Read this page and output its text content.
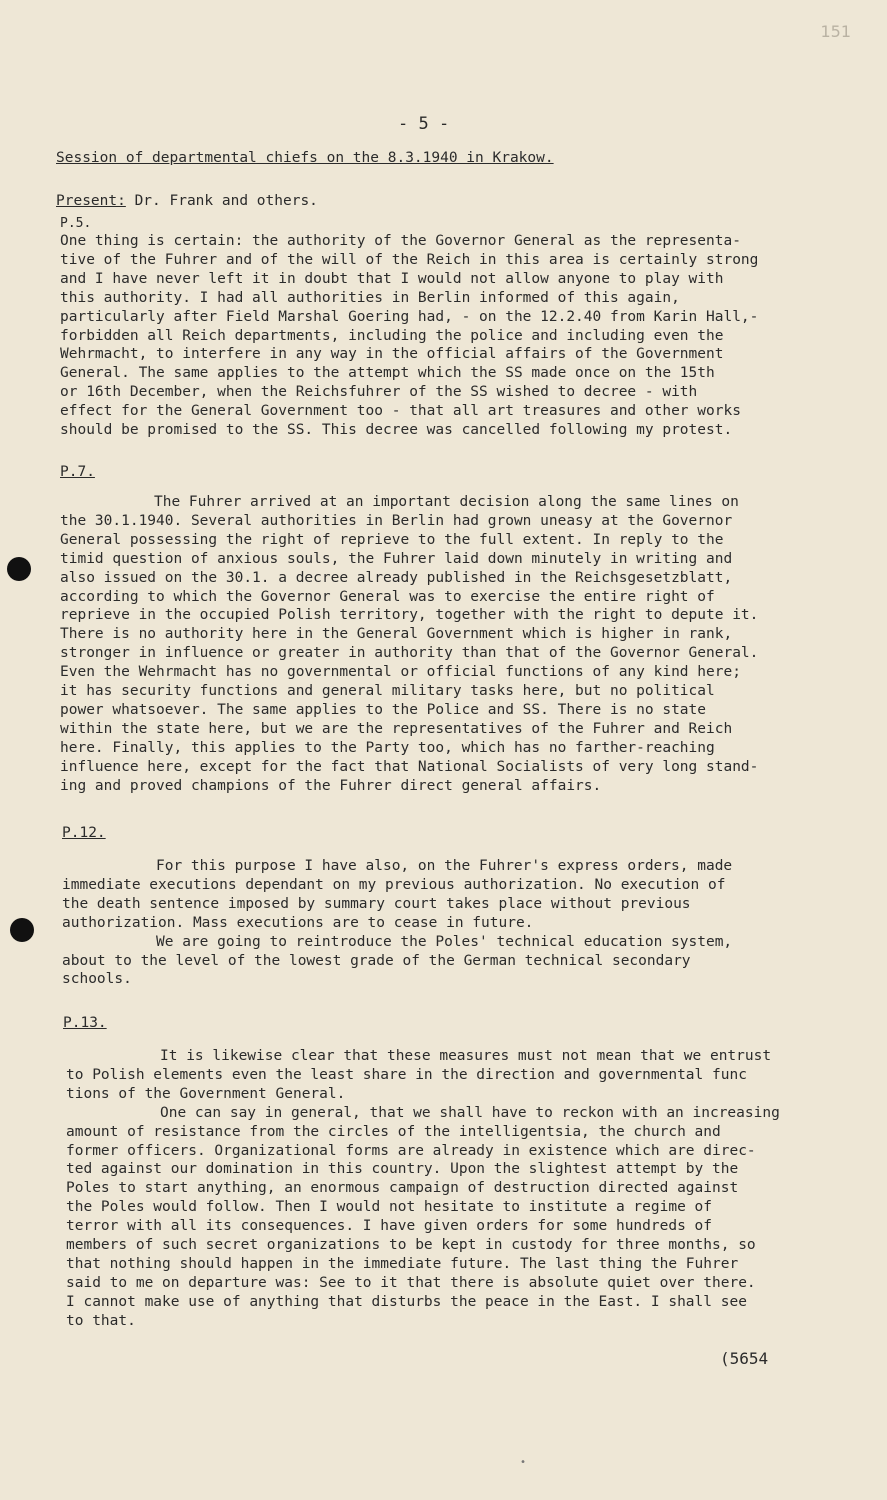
151
- 5 -
Session of departmental chiefs on the 8.3.1940 in Krakow.
Present: Dr. Frank and others.
P.5.
One thing is certain: the authority of the Governor General as the representa-
tive of the Fuhrer and of the will of the Reich in this area is certainly strong
and I have never left it in doubt that I would not allow anyone to play with
this authority. I had all authorities in Berlin informed of this again,
particularly after Field Marshal Goering had, - on the 12.2.40 from Karin Hall,-
forbidden all Reich departments, including the police and including even the
Wehrmacht, to interfere in any way in the official affairs of the Government
General. The same applies to the attempt which the SS made once on the 15th
or 16th December, when the Reichsfuhrer of the SS wished to decree - with
effect for the General Government too - that all art treasures and other works
should be promised to the SS. This decree was cancelled following my protest.
P.7.
The Fuhrer arrived at an important decision along the same lines on
the 30.1.1940. Several authorities in Berlin had grown uneasy at the Governor
General possessing the right of reprieve to the full extent. In reply to the
timid question of anxious souls, the Fuhrer laid down minutely in writing and
also issued on the 30.1. a decree already published in the Reichsgesetzblatt,
according to which the Governor General was to exercise the entire right of
reprieve in the occupied Polish territory, together with the right to depute it.
There is no authority here in the General Government which is higher in rank,
stronger in influence or greater in authority than that of the Governor General.
Even the Wehrmacht has no governmental or official functions of any kind here;
it has security functions and general military tasks here, but no political
power whatsoever. The same applies to the Police and SS. There is no state
within the state here, but we are the representatives of the Fuhrer and Reich
here. Finally, this applies to the Party too, which has no farther-reaching
influence here, except for the fact that National Socialists of very long stand-
ing and proved champions of the Fuhrer direct general affairs.
P.12.
For this purpose I have also, on the Fuhrer's express orders, made
immediate executions dependant on my previous authorization. No execution of
the death sentence imposed by summary court takes place without previous
authorization. Mass executions are to cease in future.
We are going to reintroduce the Poles' technical education system,
about to the level of the lowest grade of the German technical secondary
schools.
P.13.
It is likewise clear that these measures must not mean that we entrust
to Polish elements even the least share in the direction and governmental func
tions of the Government General.
One can say in general, that we shall have to reckon with an increasing
amount of resistance from the circles of the intelligentsia, the church and
former officers. Organizational forms are already in existence which are direc-
ted against our domination in this country. Upon the slightest attempt by the
Poles to start anything, an enormous campaign of destruction directed against
the Poles would follow. Then I would not hesitate to institute a regime of
terror with all its consequences. I have given orders for some hundreds of
members of such secret organizations to be kept in custody for three months, so
that nothing should happen in the immediate future. The last thing the Fuhrer
said to me on departure was: See to it that there is absolute quiet over there.
I cannot make use of anything that disturbs the peace in the East. I shall see
to that.
(5654
•
